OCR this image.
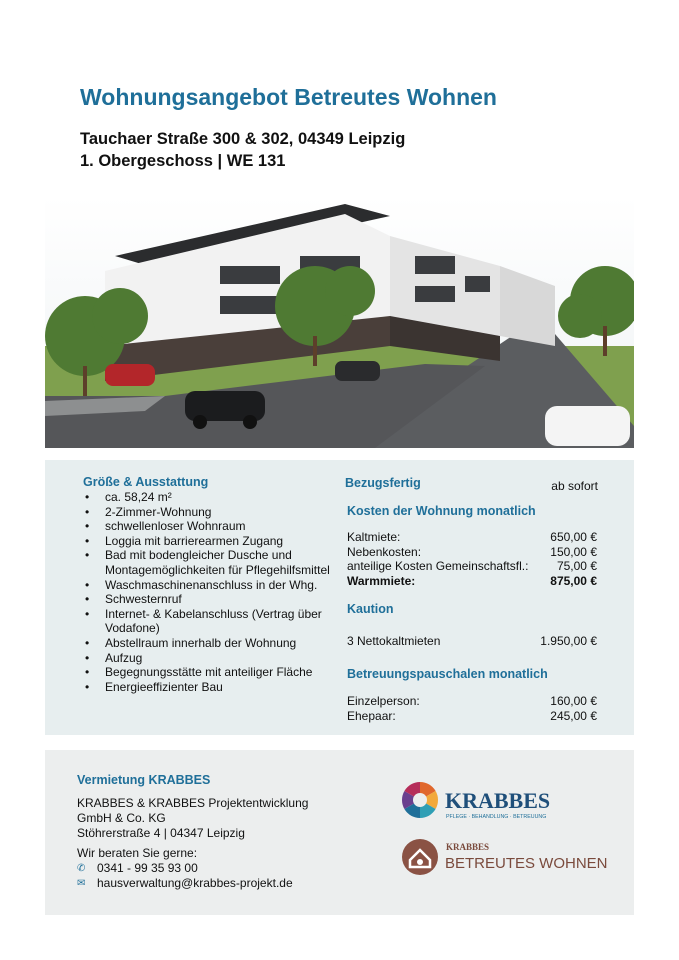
Wohnungsangebot Betreutes Wohnen
Tauchaer Straße 300 & 302, 04349 Leipzig
1. Obergeschoss | WE 131
Größe & Ausstattung
• ca. 58,24 m²
• 2-Zimmer-Wohnung
• schwellenloser Wohnraum
• Loggia mit barrierearmen Zugang
• Bad mit bodengleicher Dusche und Montagemöglichkeiten für Pflegehilfsmittel
• Waschmaschinenanschluss in der Whg.
• Schwesternruf
• Internet- & Kabelanschluss (Vertrag über Vodafone)
• Abstellraum innerhalb der Wohnung
• Aufzug
• Begegnungsstätte mit anteiliger Fläche
• Energieeffizienter Bau
Bezugsfertig	ab sofort
Kosten der Wohnung monatlich
Kaltmiete:	650,00 €
Nebenkosten:	150,00 €
anteilige Kosten Gemeinschaftsfl.: 75,00 €
Warmmiete:	875,00 €
Kaution
3 Nettokaltmieten	1.950,00 €
Betreuungspauschalen monatlich
Einzelperson:	160,00 €
Ehepaar:	245,00 €
Vermietung KRABBES
KRABBES & KRABBES Projektentwicklung
GmbH & Co. KG
Stöhrerstraße 4 | 04347 Leipzig
Wir beraten Sie gerne:
✆ 0341 - 99 35 93 00
✉ hausverwaltung@krabbes-projekt.de
KRABBES
PFLEGE · BEHANDLUNG · BETREUUNG
KRABBES
BETREUTES WOHNEN
